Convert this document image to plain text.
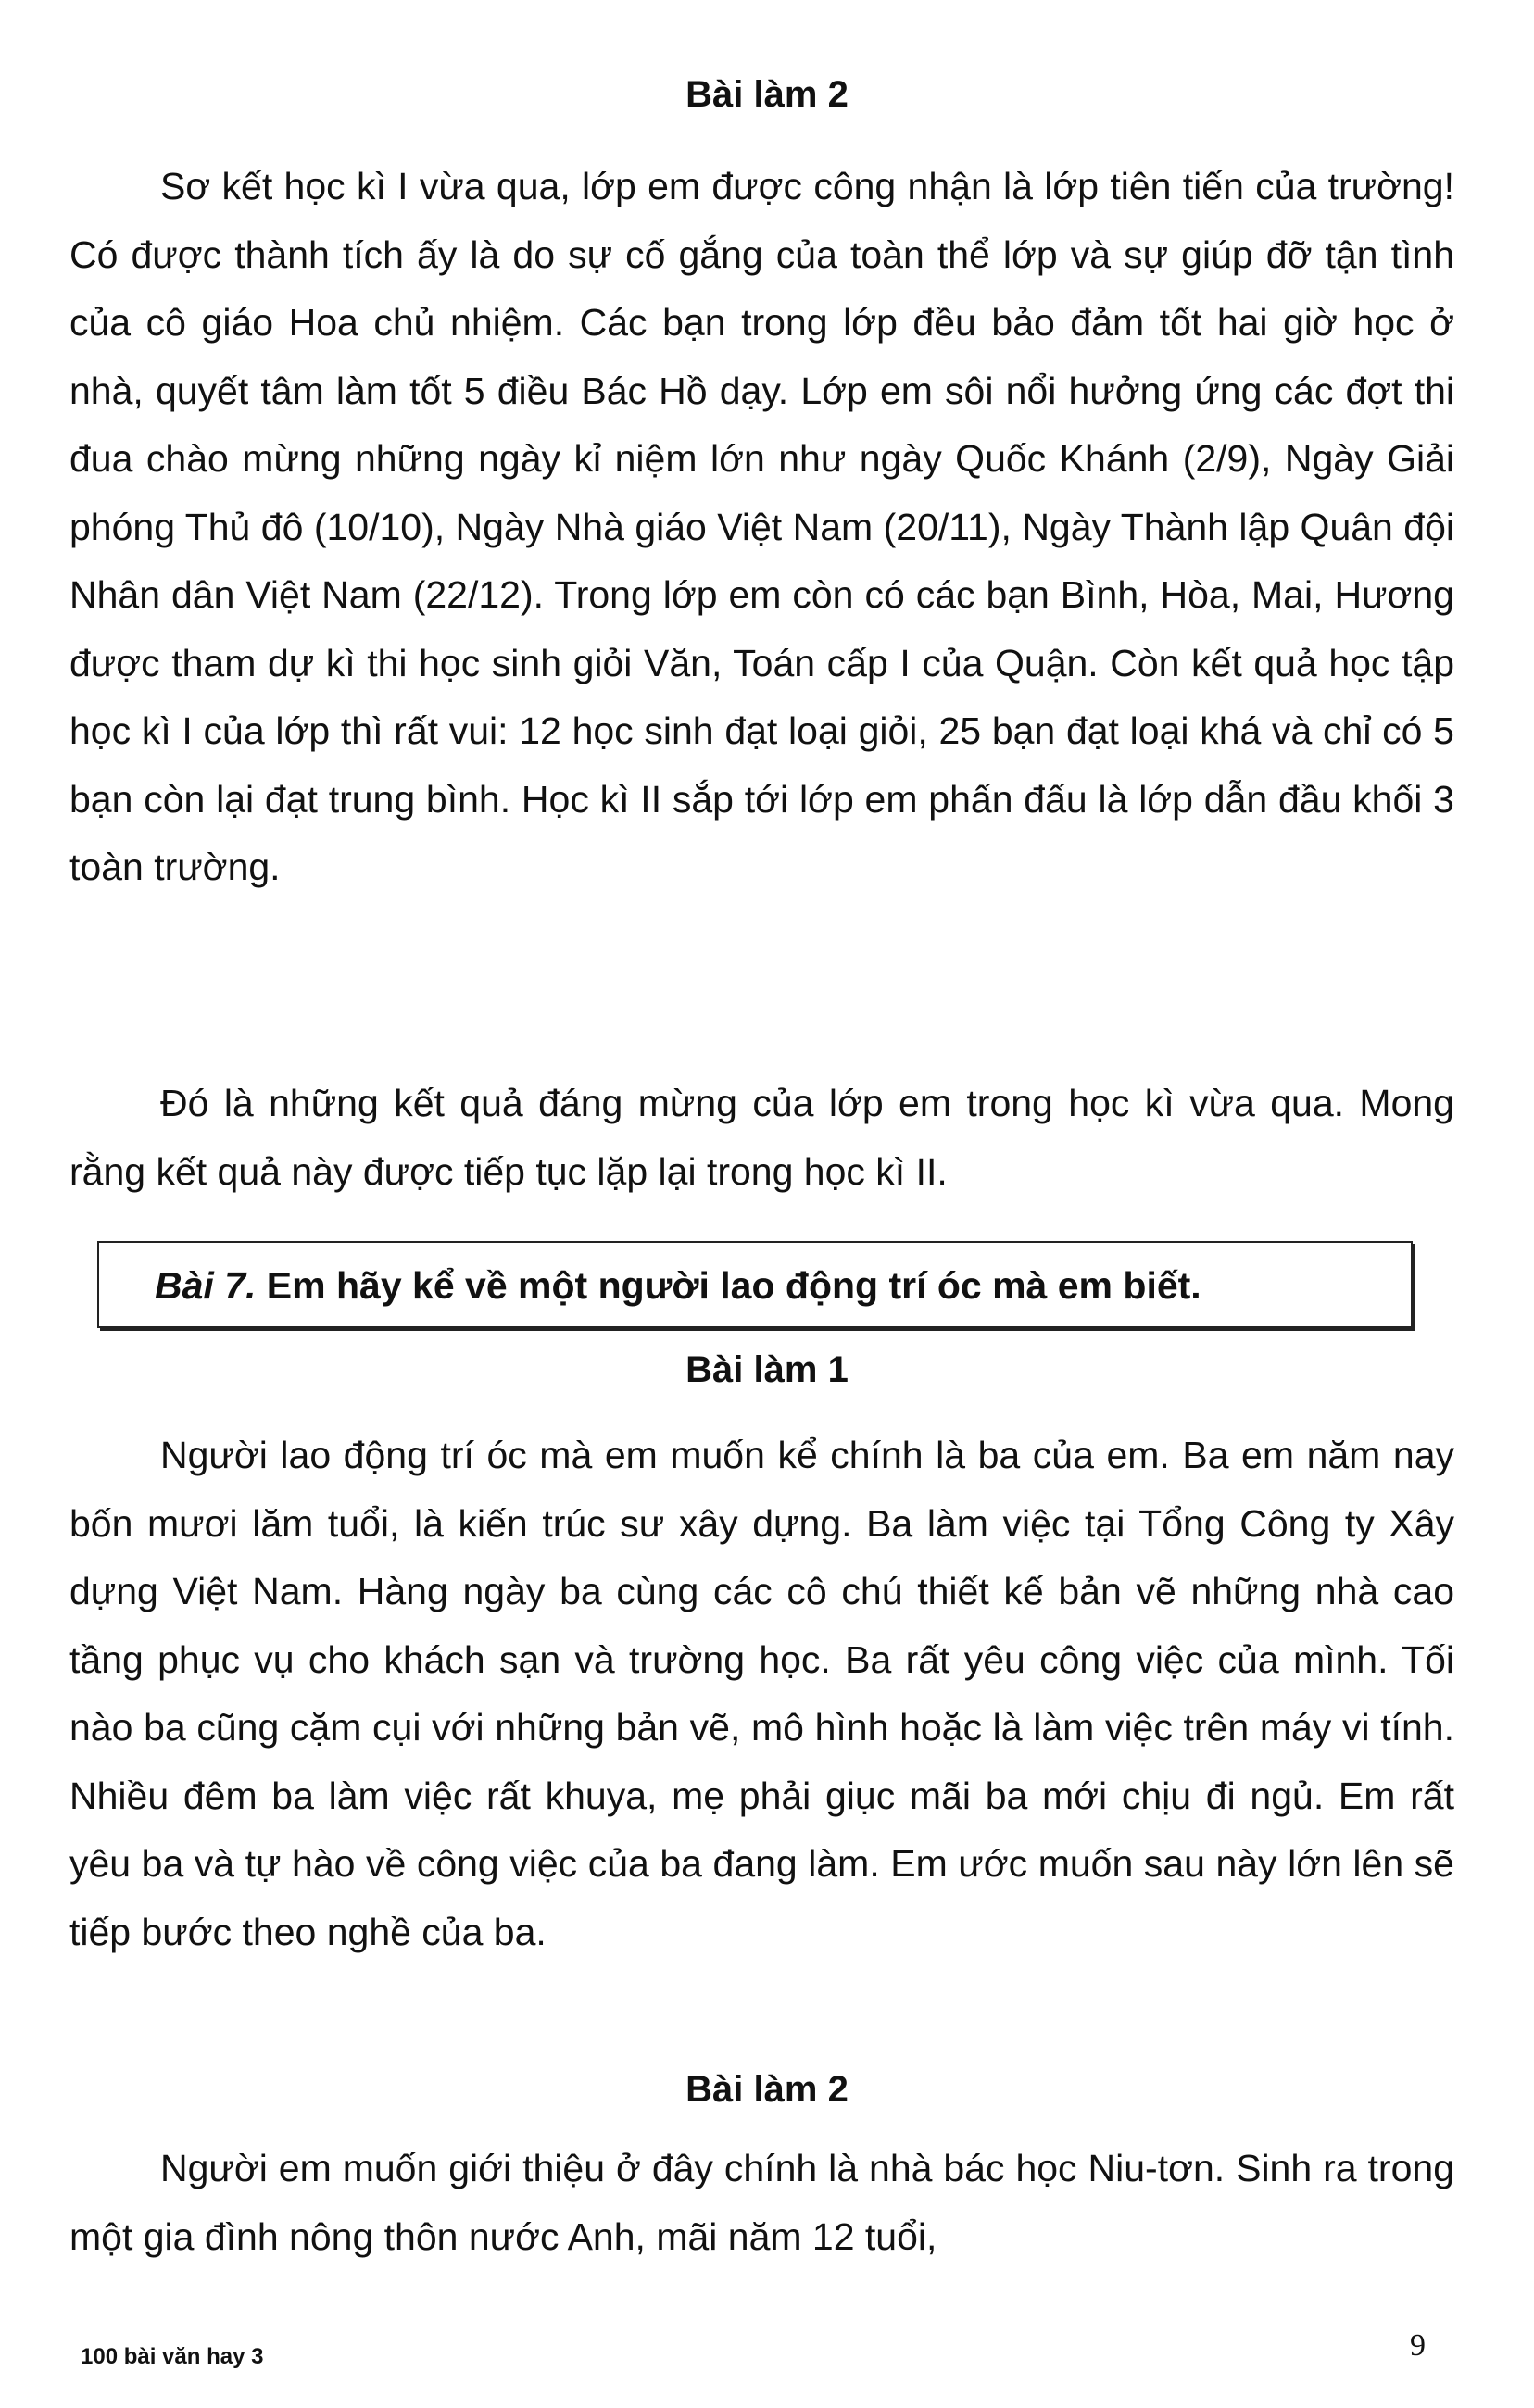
Bài làm 2

Sơ kết học kì I vừa qua, lớp em được công nhận là lớp tiên tiến của trường! Có được thành tích ấy là do sự cố gắng của toàn thể lớp và sự giúp đỡ tận tình của cô giáo Hoa chủ nhiệm. Các bạn trong lớp đều bảo đảm tốt hai giờ học ở nhà, quyết tâm làm tốt 5 điều Bác Hồ dạy. Lớp em sôi nổi hưởng ứng các đợt thi đua chào mừng những ngày kỉ niệm lớn như ngày Quốc Khánh (2/9), Ngày Giải phóng Thủ đô (10/10), Ngày Nhà giáo Việt Nam (20/11), Ngày Thành lập Quân đội Nhân dân Việt Nam (22/12). Trong lớp em còn có các bạn Bình, Hòa, Mai, Hương được tham dự kì thi học sinh giỏi Văn, Toán cấp I của Quận. Còn kết quả học tập học kì I của lớp thì rất vui: 12 học sinh đạt loại giỏi, 25 bạn đạt loại khá và chỉ có 5 bạn còn lại đạt trung bình. Học kì II sắp tới lớp em phấn đấu là lớp dẫn đầu khối 3 toàn trường.

Đó là những kết quả đáng mừng của lớp em trong học kì vừa qua. Mong rằng kết quả này được tiếp tục lặp lại trong học kì II.

Bài 7. Em hãy kể về một người lao động trí óc mà em biết.
Bài làm 1

Người lao động trí óc mà em muốn kể chính là ba của em. Ba em năm nay bốn mươi lăm tuổi, là kiến trúc sư xây dựng. Ba làm việc tại Tổng Công ty Xây dựng Việt Nam. Hàng ngày ba cùng các cô chú thiết kế bản vẽ những nhà cao tầng phục vụ cho khách sạn và trường học. Ba rất yêu công việc của mình. Tối nào ba cũng cặm cụi với những bản vẽ, mô hình hoặc là làm việc trên máy vi tính. Nhiều đêm ba làm việc rất khuya, mẹ phải giục mãi ba mới chịu đi ngủ. Em rất yêu ba và tự hào về công việc của ba đang làm. Em ước muốn sau này lớn lên sẽ tiếp bước theo nghề của ba.

Bài làm 2

Người em muốn giới thiệu ở đây chính là nhà bác học Niu-tơn. Sinh ra trong một gia đình nông thôn nước Anh, mãi năm 12 tuổi,

100 bài văn hay 3	9
